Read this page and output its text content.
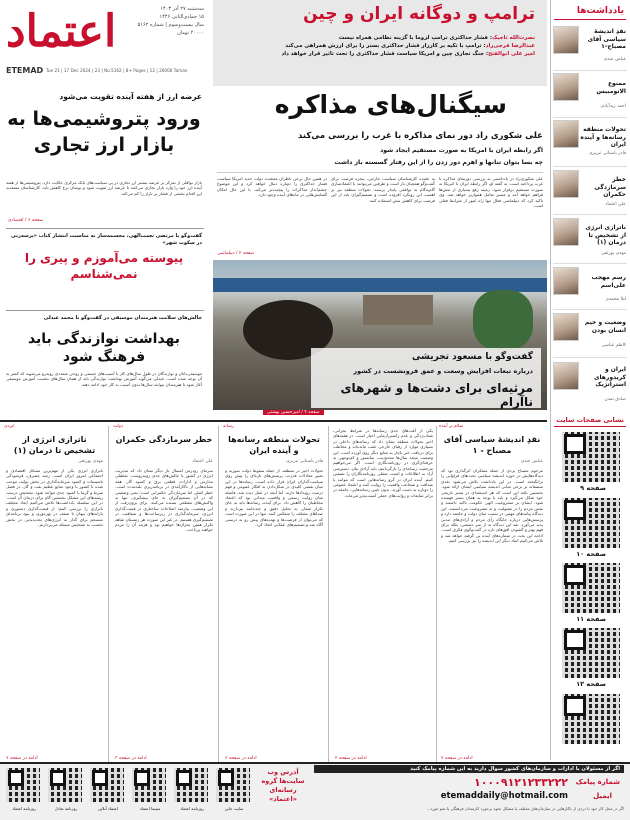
یادداشت‌ها
نقدِ اندیشهٔ سیاسی آقای مصباح-۱
عباس عبدی
ممنوع الاتومبیس
احمد زیدآبادی
تحولات منطقه رسانه‌ها و آینده ایران
قادر باستانی تبریزی
خطر سرمازدگی حکمران
علی اعتماد
ناترازی انرژی از تشخیص تا درمان (۱)
مهدی پورتقی
رسم مهجب علی‌اسم
لیلا محمدی
وضعیت و خیم انسان بودن
کاظم عباسی
ایران و کریدورهای استراتژیک
صادق تمدن
نشانی صفحات سایت
صفحه ۹
صفحه ۱۰
صفحه ۱۱
صفحه ۱۲
اعتماد	سه‌شنبه ۲۷ آذر ۱۴۰۳
۱۵ جمادی‌الثانی ۱۴۴۶
سال بیست‌وسوم | شماره ۵۱۶۲
۲۰۰۰۰ تومان
ETEMAD Tue 21 | 17 Dec 2024 | 23 | No.5162 | 8+ Pages | 12 | 20000 Toman
ترامپ و دوگانه ایران و چین
نصرت‌الله تاجیک: فشار حداکثری ترامپ لزوما با گزینه نظامی همراه نیست
عبدالرضا فرجی‌راد: ترامپ با تکیه بر کارزار فشار حداکثری بستر را برای ارزش همراهی می‌کند
امیر علی ابوالفتح: جنگ تجاری چین و امریکا سیاست فشار حداکثری را تحت تاثیر قرار خواهد داد
عرضه ارز از هفته آینده تقویت می‌شود
ورود پتروشیمی‌ها به بازار ارز تجاری
بازار نواقلی از تمرکز بر عرضه بیشتر ارز تجاری در پی سیاست‌های بانک مرکزی حکایت دارد. پتروشیمی‌ها از هفته آینده ارز خود را وارد بازار تجاری می‌کنند تا عرضه ارز تقویت شود و نوسان نرخ کاهش یابد. کارشناسان معتقدند این اقدام بخشی از فشار بر بازار را کم می‌کند.
صفحه ۶ / اقتصادی
گفت‌وگو با مرتضی تعمت‌الهی، مجسمه‌ساز به مناسبت انتشار کتاب «پرسه‌زنی در سکوت شهر»
پیوسته می‌آموزم و پیری را نمی‌شناسم
چالش‌های سلامت هنرمندان موسیقی در گفت‌وگو با محمد عبدلی
بهداشت نوازندگی باید فرهنگ شود
موسیقی‌دانان و نوازندگان در طول سال‌های کار با آسیب‌های جسمی و روحی متعددی روبه‌رو می‌شوند که کمتر به آن توجه شده است. عبدلی می‌گوید آموزش بهداشت نوازندگی باید از همان سال‌های نخست آموزش موسیقی آغاز شود تا هنرمندان بتوانند سال‌ها بدون آسیب به کار خود ادامه دهند.
سیگنال‌های مذاکره
علی شکوری راد دور نمای مذاکره با غرب را بررسی می‌کند
اگر رابطه ایران با امریکا به صورت مستقیم ایجاد شود
چه بسا بتوان تنانها و اهرم دور زدن را از این رفتار گسسته باز داشت
علی شکوری‌راد در یادداشتی به بررسی دورنمای مذاکره با غرب پرداخته است. به گفته او، اگر رابطه ایران با امریکا به صورت مستقیم برقرار شود، زمینه رفع بسیاری از تنش‌ها فراهم خواهد آمد و مسیر تعامل هموارتر خواهد شد. وی تاکید کرد که دیپلماسی فعال تنها راه عبور از شرایط فعلی است.
به عقیده کارشناسان سیاست خارجی، پنجره فرصت برای گفت‌وگو همچنان باز است و طرفین می‌توانند با اعتمادسازی گام‌به‌گام به توافقی پایدار برسند. تحولات منطقه نیز بر اهمیت این رویکرد افزوده است و تصمیم‌گیران باید از این فرصت برای کاهش تنش استفاده کنند.
در همین حال برخی ناظران معتقدند دولت جدید امریکا سیاست فشار حداکثری را دوباره دنبال خواهد کرد و این موضوع چشم‌انداز مذاکرات را پیچیده‌تر می‌کند. با این حال امکان گشایش‌هایی در ماه‌های آینده وجود دارد.
صفحه ۲ / دیپلماسی
گفت‌وگو با مسعود تجریشی
درباره تبعات افزایش وسعت و عمق فرونشست در کشور
مرثیه‌ای برای دشت‌ها و شهرهای ناآرام
صفحه ۴ / امیرحسین بهشتی
سلام بر آینده
نقدِ اندیشهٔ سیاسی آقای مصباح - ۱
عباس عبدی
مرحوم مصباح یزدی از جمله متفکران اثرگذاری بود که دیدگاه‌هایش در حوزه اندیشه سیاسی بحث‌های فراوانی را برانگیخته است. در این یادداشت تلاش می‌شود نقدی منصفانه بر برخی مبانی اندیشه سیاسی ایشان ارائه شود. نخستین نکته این است که هر اندیشه‌ای در بستر تاریخی خود شکل می‌گیرد و باید با توجه به همان بستر فهمیده شود. ایشان بر مشروعیت الهی حکومت تاکید داشتند و نقش مردم را در مقبولیت و نه مشروعیت می‌دانستند. این دیدگاه پیامدهای مهمی در نسبت میان دولت و جامعه دارد و پرسش‌هایی درباره جایگاه رأی مردم و آزادی‌های مدنی پدید می‌آورد. نقد این دیدگاه نه از سر دشمنی، بلکه برای فهم بهتر و گشودن افق‌های تازه در گفت‌وگوی فکری است. ادامه این بحث در شماره‌های آینده پی گرفته خواهد شد و تلاش می‌کنیم ابعاد دیگر این اندیشه را نیز بررسی کنیم.
ادامه در صفحه ۷
یکی از آفت‌های جدی رسانه‌ها در شرایط بحرانی، شتاب‌زدگی و عدم راستی‌آزمایی اخبار است. در هفته‌های اخیر تحولات منطقه نشان داد که رسانه‌های داخلی در بسیاری موارد از رقبای خارجی عقب مانده‌اند و مخاطب برای دریافت خبر ناچار به منابع دیگر روی آورده است. این وضعیت نتیجه سال‌ها محدودیت، سانسور و کم‌توجهی به حرفه‌ای‌گری در روزنامه‌نگاری است. اگر می‌خواهیم مرجعیت رسانه‌ای را بازگردانیم، باید آزادی بیان، دسترسی آزاد به اطلاعات و امنیت شغلی روزنامه‌نگاران را تضمین کنیم. آینده ایران در گرو رسانه‌هایی است که بتوانند با صداقت و شجاعت واقعیت را روایت کنند و اعتماد عمومی را دوباره به دست آورند. بدون چنین رسانه‌هایی، جامعه در برابر شایعات و روایت‌های جعلی آسیب‌پذیر می‌ماند.
ادامه در صفحه ۲
رسانه
تحولات منطقه رسانه‌ها و آینده ایران
قادر باستانی تبریزی
تحولات اخیر در منطقه، از جمله سقوط دولت سوریه و تغییر معادلات قدرت، پرسش‌های تازه‌ای را پیش روی سیاست‌گذاران ایران قرار داده است. رسانه‌ها در این میان نقشی کلیدی در شکل‌دادن به افکار عمومی و فهم درست رویدادها دارند. اما آنچه در عمل دیده شد، فاصله میان روایت رسمی و واقعیت میدانی بود که اعتماد مخاطبان را کاهش داد. برای آینده، رسانه‌ها باید به جای تکرار شعار، به تحلیل دقیق و چندجانبه بپردازند و صداهای مختلف را منعکس کنند. تنها در این صورت است که می‌توان از فرصت‌ها و تهدیدهای پیش رو به درستی آگاه شد و تصمیم‌های عقلانی اتخاذ کرد.
ادامه در صفحه ۶
دولت
خطر سرمازدگی حکمران
علی اعتماد
سرمای زودرس امسال بار دیگر نشان داد که مدیریت انرژی در کشور با چالش‌های جدی روبه‌روست. تعطیلی مدارس و ادارات، قطعی برق و کمبود گاز، همه نشانه‌هایی از ناکارآمدی در برنامه‌ریزی بلندمدت است. خطر اصلی اما سرمازدگی حکمرانی است؛ یعنی وضعیتی که در آن تصمیم‌گیران به جای پیشگیری، تنها به واکنش‌های مقطعی بسنده می‌کنند. برای برون‌رفت از این وضعیت، نیازمند اصلاحات ساختاری در قیمت‌گذاری انرژی، سرمایه‌گذاری در زیرساخت‌ها و شفافیت در تصمیم‌گیری هستیم. در غیر این صورت هر زمستان شاهد تکرار همین بحران‌ها خواهیم بود و هزینه آن را مردم خواهند پرداخت.
ادامه در صفحه ۳
ایزدی
ناترازی انرژی از تشخیص تا درمان (۱)
مهدی پورتقی
ناترازی انرژی یکی از مهم‌ترین مسائل اقتصادی و اجتماعی امروز ایران است. رشد مصرف، فرسودگی تاسیسات و کمبود سرمایه‌گذاری در بخش تولید، موجب شده تا کشور با وجود منابع عظیم نفت و گاز، در فصل سرما و گرما با کمبود جدی مواجه شود. تشخیص درست ریشه‌های این مشکل نخستین گام برای درمان آن است. در این سلسله یادداشت‌ها تلاش می‌کنیم ابعاد مختلف ناترازی را بررسی کنیم؛ از قیمت‌گذاری دستوری و یارانه‌های پنهان تا ضعف در بهره‌وری و نبود برنامه‌ای منسجم برای گذار به انرژی‌های تجدیدپذیر. در بخش نخست به تشخیص مسئله می‌پردازیم.
ادامه در صفحه ۷
روزنامه اعتماد	روزنامه تعادل	اعتماد آنلاین	سینما اعتماد	روزنامه اعتماد	سایت جاین
آدرس وب سایت‌ها گروه رسانه‌ای «اعتماد»
اگر از مسئولان یا ادارات و سازمان‌های کشور سوال دارید به این شماره پیامک کنید
شماره پیامک
۱۰۰۰۹۱۲۱۲۳۳۲۲۲
ایمیل
etemaddaily@hotmail.com
اگر در محل کار خود با دردی از ناکارهایی در سازمان‌های مختلف یا مشکل نحوه برخورد کارمندان فرهنگی یا نحو خورد...
